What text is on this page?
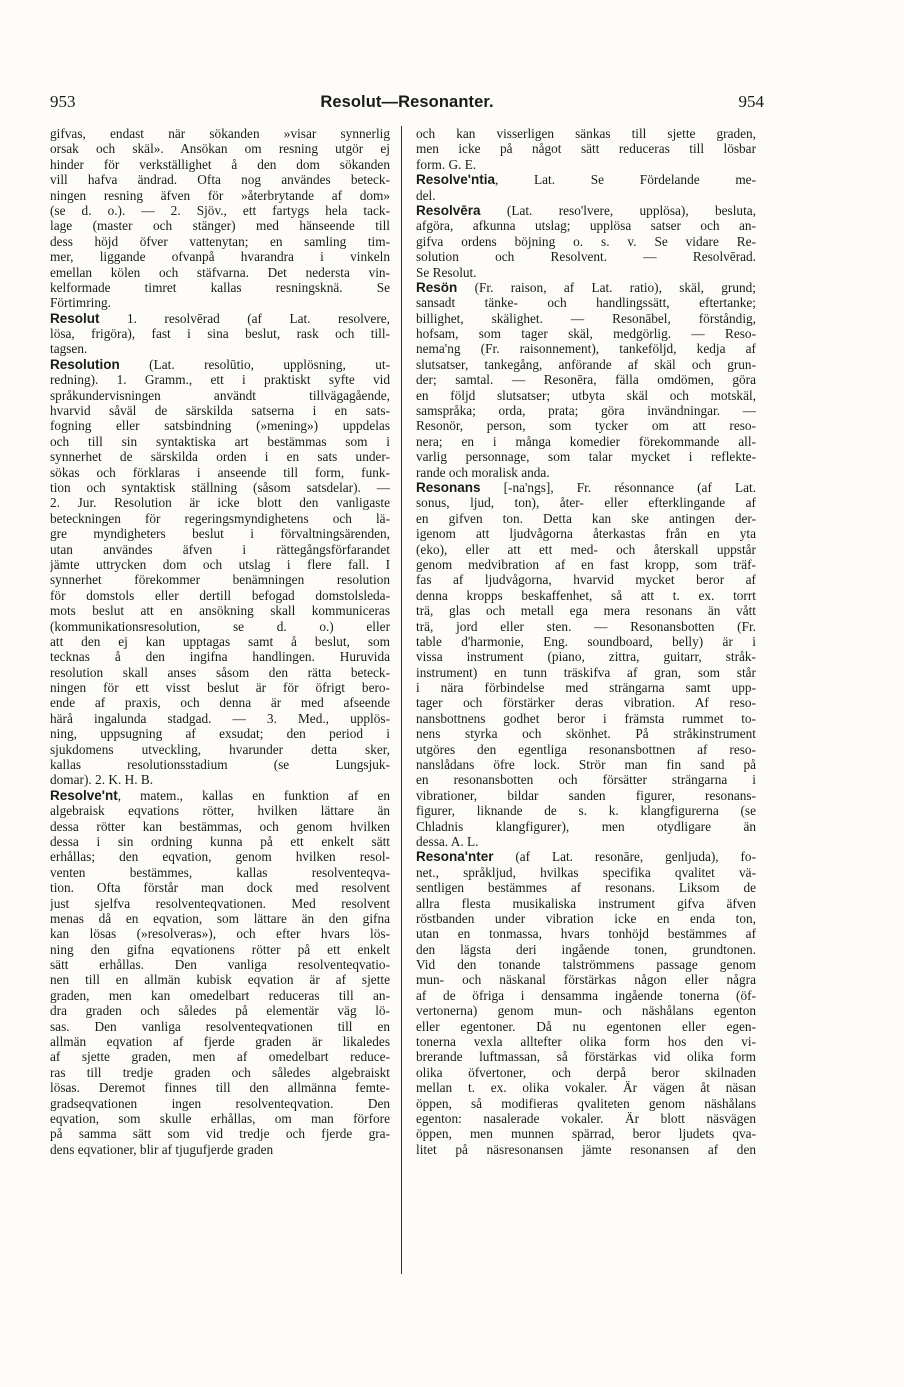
953	Resolut—Resonanter.	954
gifvas, endast när sökanden »visar synnerlig
orsak och skäl». Ansökan om resning utgör ej
hinder för verkställighet å den dom sökanden
vill hafva ändrad. Ofta nog användes beteck-
ningen resning äfven för »återbrytande af dom»
(se d. o.). — 2. Sjöv., ett fartygs hela tack-
lage (master och stänger) med hänseende till
dess höjd öfver vattenytan; en samling tim-
mer, liggande ofvanpå hvarandra i vinkeln
emellan kölen och stäfvarna. Det nedersta vin-
kelformade timret kallas resningsknä. Se
Förtimring.
Resolut 1. resolvērad (af Lat. resolvere,
lösa, frigöra), fast i sina beslut, rask och till-
tagsen.
Resolution (Lat. resolūtio, upplösning, ut-
redning). 1. Gramm., ett i praktiskt syfte vid
språkundervisningen användt tillvägagående,
hvarvid såväl de särskilda satserna i en sats-
fogning eller satsbindning (»mening») uppdelas
och till sin syntaktiska art bestämmas som i
synnerhet de särskilda orden i en sats under-
sökas och förklaras i anseende till form, funk-
tion och syntaktisk ställning (såsom satsdelar). —
2. Jur. Resolution är icke blott den vanligaste
beteckningen för regeringsmyndighetens och lä-
gre myndigheters beslut i förvaltningsärenden,
utan användes äfven i rättegångsförfarandet
jämte uttrycken dom och utslag i flere fall. I
synnerhet förekommer benämningen resolution
för domstols eller dertill befogad domstolsleda-
mots beslut att en ansökning skall kommuniceras
(kommunikationsresolution, se d. o.) eller
att den ej kan upptagas samt å beslut, som
tecknas å den ingifna handlingen. Huruvida
resolution skall anses såsom den rätta beteck-
ningen för ett visst beslut är för öfrigt bero-
ende af praxis, och denna är med afseende
härå ingalunda stadgad. — 3. Med., upplös-
ning, uppsugning af exsudat; den period i
sjukdomens utveckling, hvarunder detta sker,
kallas resolutionsstadium (se Lungsjuk-
domar). 2. K. H. B.
Resolve'nt, matem., kallas en funktion af en
algebraisk eqvations rötter, hvilken lättare än
dessa rötter kan bestämmas, och genom hvilken
dessa i sin ordning kunna på ett enkelt sätt
erhållas; den eqvation, genom hvilken resol-
venten bestämmes, kallas resolventeqva-
tion. Ofta förstår man dock med resolvent
just sjelfva resolventeqvationen. Med resolvent
menas då en eqvation, som lättare än den gifna
kan lösas (»resolveras»), och efter hvars lös-
ning den gifna eqvationens rötter på ett enkelt
sätt erhållas. Den vanliga resolventeqvatio-
nen till en allmän kubisk eqvation är af sjette
graden, men kan omedelbart reduceras till an-
dra graden och således på elementär väg lö-
sas. Den vanliga resolventeqvationen till en
allmän eqvation af fjerde graden är likaledes
af sjette graden, men af omedelbart reduce-
ras till tredje graden och således algebraiskt
lösas. Deremot finnes till den allmänna femte-
gradseqvationen ingen resolventeqvation. Den
eqvation, som skulle erhållas, om man förfore
på samma sätt som vid tredje och fjerde gra-
dens eqvationer, blir af tjugufjerde graden
och kan visserligen sänkas till sjette graden,
men icke på något sätt reduceras till lösbar
form. G. E.
Resolve'ntia, Lat. Se Fördelande me-
del.
Resolvēra (Lat. reso'lvere, upplösa), besluta,
afgöra, afkunna utslag; upplösa satser och an-
gifva ordens böjning o. s. v. Se vidare Re-
solution och Resolvent. — Resolvērad.
Se Resolut.
Resön (Fr. raison, af Lat. ratio), skäl, grund;
sansadt tänke- och handlingssätt, eftertanke;
billighet, skälighet. — Resonābel, förståndig,
hofsam, som tager skäl, medgörlig. — Reso-
nema'ng (Fr. raisonnement), tankeföljd, kedja af
slutsatser, tankegång, anförande af skäl och grun-
der; samtal. — Resonēra, fälla omdömen, göra
en följd slutsatser; utbyta skäl och motskäl,
samspråka; orda, prata; göra invändningar. —
Resonör, person, som tycker om att reso-
nera; en i många komedier förekommande all-
varlig personnage, som talar mycket i reflekte-
rande och moralisk anda.
Resonans [-na'ngs], Fr. résonnance (af Lat.
sonus, ljud, ton), åter- eller efterklingande af
en gifven ton. Detta kan ske antingen der-
igenom att ljudvågorna återkastas från en yta
(eko), eller att ett med- och återskall uppstår
genom medvibration af en fast kropp, som träf-
fas af ljudvågorna, hvarvid mycket beror af
denna kropps beskaffenhet, så att t. ex. torrt
trä, glas och metall ega mera resonans än vått
trä, jord eller sten. — Resonansbotten (Fr.
table d'harmonie, Eng. soundboard, belly) är i
vissa instrument (piano, zittra, guitarr, stråk-
instrument) en tunn träskifva af gran, som står
i nära förbindelse med strängarna samt upp-
tager och förstärker deras vibration. Af reso-
nansbottnens godhet beror i främsta rummet to-
nens styrka och skönhet. På stråkinstrument
utgöres den egentliga resonansbottnen af reso-
nanslådans öfre lock. Strör man fin sand på
en resonansbotten och försätter strängarna i
vibrationer, bildar sanden figurer, resonans-
figurer, liknande de s. k. klangfigurerna (se
Chladnis klangfigurer), men otydligare än
dessa. A. L.
Resona'nter (af Lat. resonāre, genljuda), fo-
net., språkljud, hvilkas specifika qvalitet vä-
sentligen bestämmes af resonans. Liksom de
allra flesta musikaliska instrument gifva äfven
röstbanden under vibration icke en enda ton,
utan en tonmassa, hvars tonhöjd bestämmes af
den lägsta deri ingående tonen, grundtonen.
Vid den tonande talströmmens passage genom
mun- och näskanal förstärkas någon eller några
af de öfriga i densamma ingående tonerna (öf-
vertonerna) genom mun- och näshålans egenton
eller egentoner. Då nu egentonen eller egen-
tonerna vexla alltefter olika form hos den vi-
brerande luftmassan, så förstärkas vid olika form
olika öfvertoner, och derpå beror skilnaden
mellan t. ex. olika vokaler. Är vägen åt näsan
öppen, så modifieras qvaliteten genom näshålans
egenton: nasalerade vokaler. Är blott näsvägen
öppen, men munnen spärrad, beror ljudets qva-
litet på näsresonansen jämte resonansen af den
